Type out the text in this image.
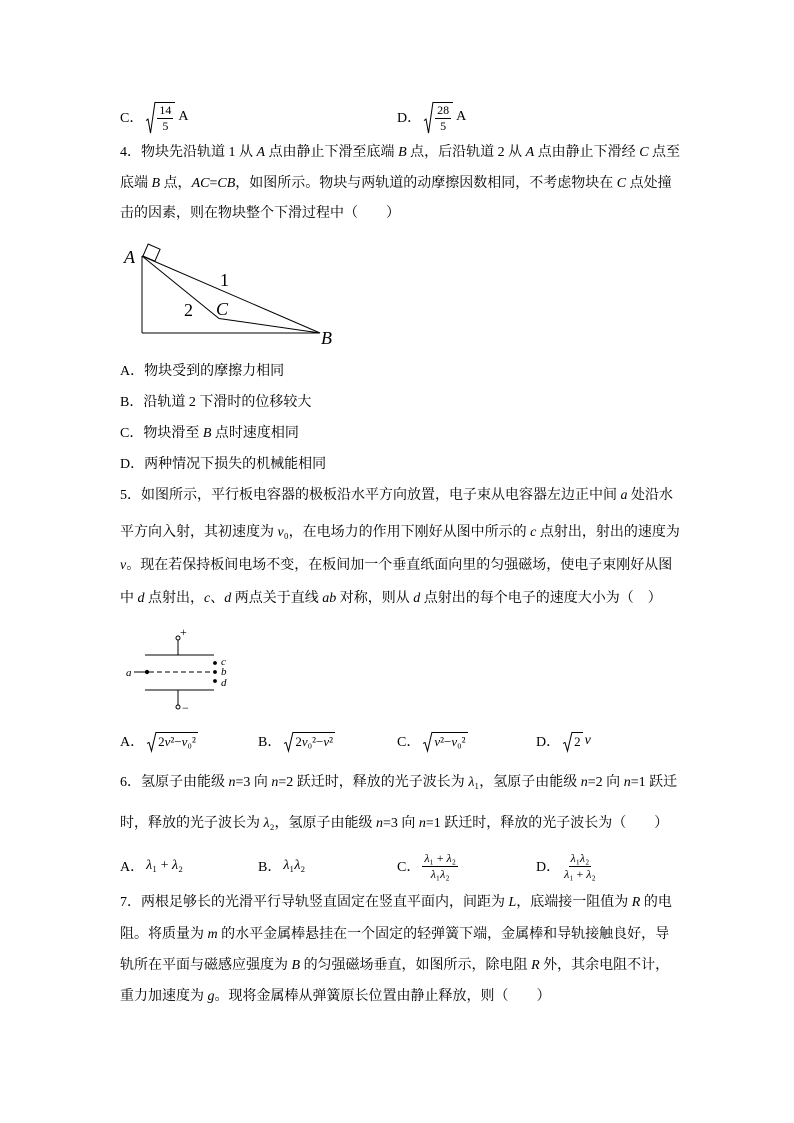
C． $\frac{14}{5}$ A	D． $\frac{28}{5}$ A
4．物块先沿轨道 1 从 A 点由静止下滑至底端 B 点，后沿轨道 2 从 A 点由静止下滑经 C 点至
底端 B 点，AC=CB，如图所示。物块与两轨道的动摩擦因数相同，不考虑物块在 C 点处撞
击的因素，则在物块整个下滑过程中（　　）
A
B
C
1
2
A．物块受到的摩擦力相同
B．沿轨道 2 下滑时的位移较大
C．物块滑至 B 点时速度相同
D．两种情况下损失的机械能相同
5．如图所示，平行板电容器的极板沿水平方向放置，电子束从电容器左边正中间 a 处沿水
平方向入射，其初速度为 v₀，在电场力的作用下刚好从图中所示的 c 点射出，射出的速度为
v。现在若保持板间电场不变，在板间加一个垂直纸面向里的匀强磁场，使电子束刚好从图
中 d 点射出，c、d 两点关于直线 ab 对称，则从 d 点射出的每个电子的速度大小为（　）
+
−
a
c
b
d
A．	2v²−v₀²	B．	2v₀²−v²	C．	v²−v₀²	D．	2 v
6．氢原子由能级 n=3 向 n=2 跃迁时，释放的光子波长为 λ₁，氢原子由能级 n=2 向 n=1 跃迁
时，释放的光子波长为 λ₂，氢原子由能级 n=3 向 n=1 跃迁时，释放的光子波长为（　　）
A． λ₁ + λ₂	B． λ₁λ₂	C． $\frac{\text{λ₁ + λ₂}}{\text{λ₁λ₂}}$	D． $\frac{\text{λ₁λ₂}}{\text{λ₁ + λ₂}}$
7．两根足够长的光滑平行导轨竖直固定在竖直平面内，间距为 L，底端接一阻值为 R 的电
阻。将质量为 m 的水平金属棒悬挂在一个固定的轻弹簧下端，金属棒和导轨接触良好，导
轨所在平面与磁感应强度为 B 的匀强磁场垂直，如图所示，除电阻 R 外，其余电阻不计，
重力加速度为 g。现将金属棒从弹簧原长位置由静止释放，则（　　）
